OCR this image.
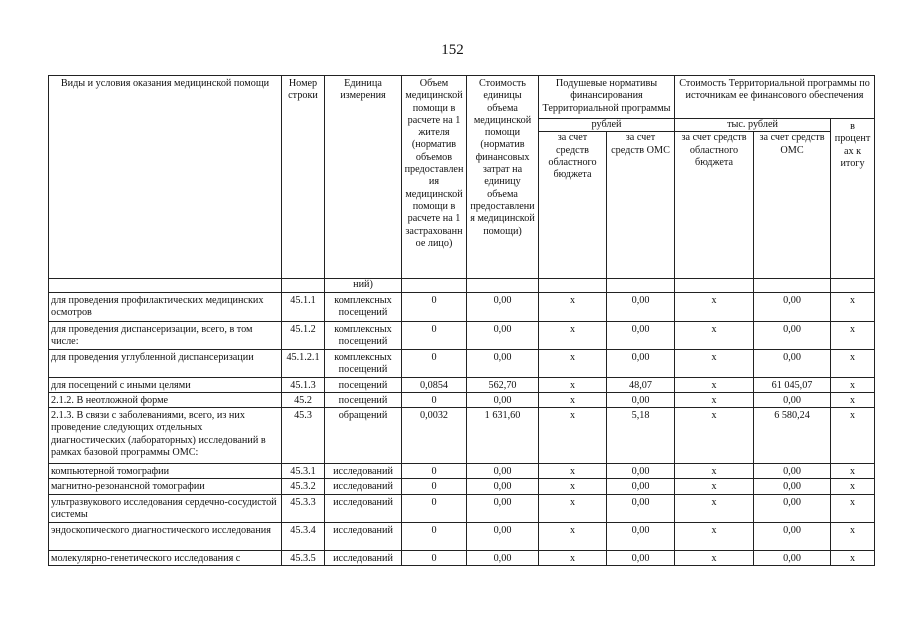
152
Виды и условия оказания медицинской помощи	Номер строки	Единица измерения	Объем медицинской помощи в расчете на 1 жителя (норматив объемов предоставления медицинской помощи в расчете на 1 застрахованное лицо)	Стоимость единицы объема медицинской помощи (норматив финансовых затрат на единицу объема предоставления медицинской помощи)	Подушевые нормативы финансирования Территориальной программы		Стоимость Территориальной программы по источникам ее финансового обеспечения		
					рублей		тыс. рублей		в процентах к итогу
					за счет средств областного бюджета	за счет средств ОМС	за счет средств областного бюджета	за счет средств ОМС	
		ний)							
для проведения профилактических медицинских осмотров	45.1.1	комплексных посещений	0	0,00	x	0,00	x	0,00	x
для проведения диспансеризации, всего, в том числе:	45.1.2	комплексных посещений	0	0,00	x	0,00	x	0,00	x
для проведения углубленной диспансеризации	45.1.2.1	комплексных посещений	0	0,00	x	0,00	x	0,00	x
для посещений с иными целями	45.1.3	посещений	0,0854	562,70	x	48,07	x	61 045,07	x
2.1.2. В неотложной форме	45.2	посещений	0	0,00	x	0,00	x	0,00	x
2.1.3. В связи с заболеваниями, всего, из них проведение следующих отдельных диагностических (лабораторных) исследований в рамках базовой программы ОМС:	45.3	обращений	0,0032	1 631,60	x	5,18	x	6 580,24	x
компьютерной томографии	45.3.1	исследований	0	0,00	x	0,00	x	0,00	x
магнитно-резонансной томографии	45.3.2	исследований	0	0,00	x	0,00	x	0,00	x
ультразвукового исследования сердечно-сосудистой системы	45.3.3	исследований	0	0,00	x	0,00	x	0,00	x
эндоскопического диагностического исследования	45.3.4	исследований	0	0,00	x	0,00	x	0,00	x
молекулярно-генетического исследования с	45.3.5	исследований	0	0,00	x	0,00	x	0,00	x
